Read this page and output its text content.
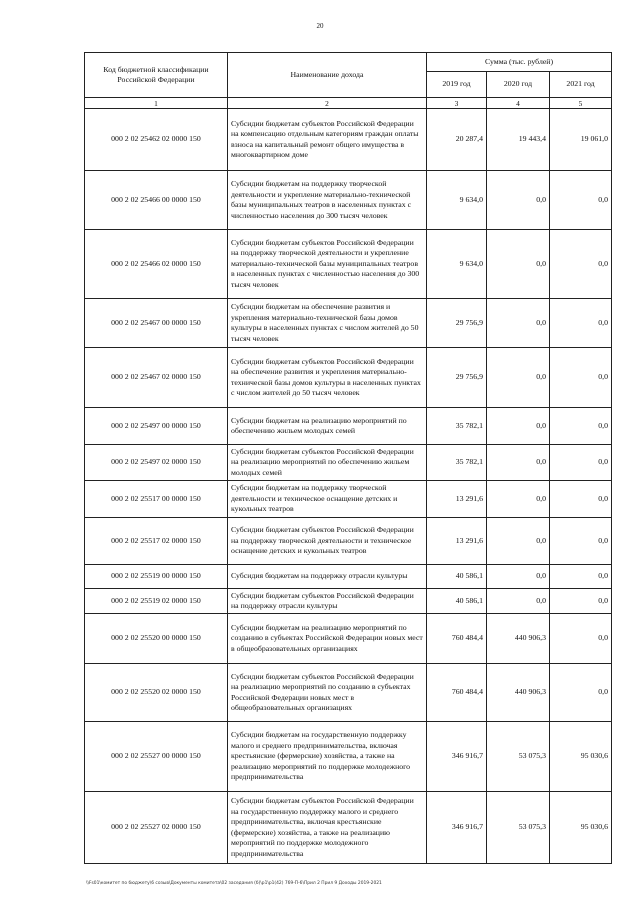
20
Код бюджетной классификации Российской Федерации	Наименование дохода	Сумма (тыс. рублей)		
		2019 год	2020 год	2021 год
1	2	3	4	5
000 2 02 25462 02 0000 150	Субсидии бюджетам субъектов Российской Федерации на компенсацию отдельным категориям граждан оплаты взноса на капитальный ремонт общего имущества в многоквартирном доме	20 287,4	19 443,4	19 061,0
000 2 02 25466 00 0000 150	Субсидии бюджетам на поддержку творческой деятельности и укрепление материально-технической базы муниципальных театров в населенных пунктах с численностью населения до 300 тысяч человек	9 634,0	0,0	0,0
000 2 02 25466 02 0000 150	Субсидии бюджетам субъектов Российской Федерации на поддержку творческой деятельности и укрепление материально-технической базы муниципальных театров в населенных пунктах с численностью населения до 300 тысяч человек	9 634,0	0,0	0,0
000 2 02 25467 00 0000 150	Субсидии бюджетам на обеспечение развития и укрепления материально-технической базы домов культуры в населенных пунктах с числом жителей до 50 тысяч человек	29 756,9	0,0	0,0
000 2 02 25467 02 0000 150	Субсидии бюджетам субъектов Российской Федерации на обеспечение развития и укрепления материально-технической базы домов культуры в населенных пунктах с числом жителей до 50 тысяч человек	29 756,9	0,0	0,0
000 2 02 25497 00 0000 150	Субсидии бюджетам на реализацию мероприятий по обеспечению жильем молодых семей	35 782,1	0,0	0,0
000 2 02 25497 02 0000 150	Субсидии бюджетам субъектов Российской Федерации на реализацию мероприятий по обеспечению жильем молодых семей	35 782,1	0,0	0,0
000 2 02 25517 00 0000 150	Субсидии бюджетам на поддержку творческой деятельности и техническое оснащение детских и кукольных театров	13 291,6	0,0	0,0
000 2 02 25517 02 0000 150	Субсидии бюджетам субъектов Российской Федерации на поддержку творческой деятельности и техническое оснащение детских и кукольных театров	13 291,6	0,0	0,0
000 2 02 25519 00 0000 150	Субсидия бюджетам на поддержку отрасли культуры	40 586,1	0,0	0,0
000 2 02 25519 02 0000 150	Субсидии бюджетам субъектов Российской Федерации на поддержку отрасли культуры	40 586,1	0,0	0,0
000 2 02 25520 00 0000 150	Субсидии бюджетам на реализацию мероприятий по созданию в субъектах Российской Федерации новых мест в общеобразовательных организациях	760 484,4	440 906,3	0,0
000 2 02 25520 02 0000 150	Субсидии бюджетам субъектов Российской Федерации на реализацию мероприятий по созданию в субъектах Российской Федерации новых мест в общеобразовательных организациях	760 484,4	440 906,3	0,0
000 2 02 25527 00 0000 150	Субсидии бюджетам на государственную поддержку малого и среднего предпринимательства, включая крестьянские (фермерские) хозяйства, а также на реализацию мероприятий по поддержке молодежного предпринимательства	346 916,7	53 075,3	95 030,6
000 2 02 25527 02 0000 150	Субсидии бюджетам субъектов Российской Федерации на государственную поддержку малого и среднего предпринимательства, включая крестьянские (фермерские) хозяйства, а также на реализацию мероприятий по поддержке молодежного предпринимательства	346 916,7	53 075,3	95 030,6
\\Fs01\комитет по бюджету\6 созыв\Документы комитета\02 заседания (б)\р1\р1(42) 769-П-6\Прил 2 Прил 9 Доходы 2019-2021
